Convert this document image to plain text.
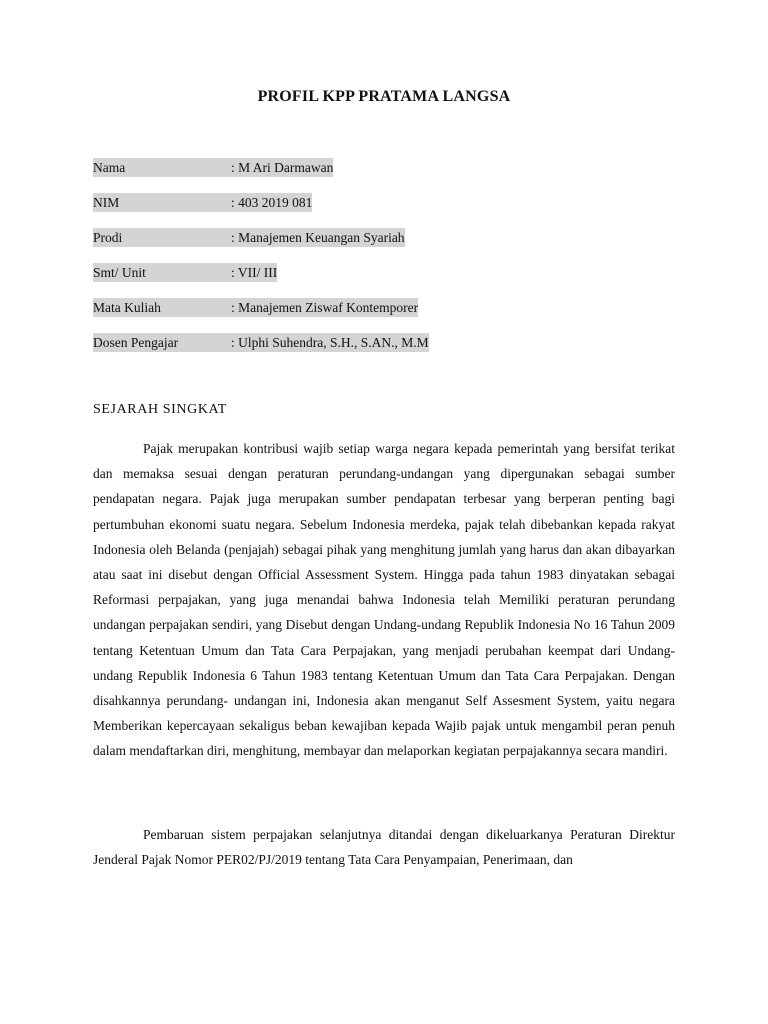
PROFIL KPP PRATAMA LANGSA
Nama	: M Ari Darmawan
NIM	: 403 2019 081
Prodi	: Manajemen Keuangan Syariah
Smt/ Unit	: VII/ III
Mata Kuliah	: Manajemen Ziswaf Kontemporer
Dosen Pengajar	: Ulphi Suhendra, S.H., S.AN., M.M
SEJARAH SINGKAT

Pajak merupakan kontribusi wajib setiap warga negara kepada pemerintah yang bersifat terikat dan memaksa sesuai dengan peraturan perundang-undangan yang dipergunakan sebagai sumber pendapatan negara. Pajak juga merupakan sumber pendapatan terbesar yang berperan penting bagi pertumbuhan ekonomi suatu negara. Sebelum Indonesia merdeka, pajak telah dibebankan kepada rakyat Indonesia oleh Belanda (penjajah) sebagai pihak yang menghitung jumlah yang harus dan akan dibayarkan atau saat ini disebut dengan Official Assessment System. Hingga pada tahun 1983 dinyatakan sebagai Reformasi perpajakan, yang juga menandai bahwa Indonesia telah Memiliki peraturan perundang undangan perpajakan sendiri, yang Disebut dengan Undang-undang Republik Indonesia No 16 Tahun 2009 tentang Ketentuan Umum dan Tata Cara Perpajakan, yang menjadi perubahan keempat dari Undang-undang Republik Indonesia 6 Tahun 1983 tentang Ketentuan Umum dan Tata Cara Perpajakan. Dengan disahkannya perundang- undangan ini, Indonesia akan menganut Self Assesment System, yaitu negara Memberikan kepercayaan sekaligus beban kewajiban kepada Wajib pajak untuk mengambil peran penuh dalam mendaftarkan diri, menghitung, membayar dan melaporkan kegiatan perpajakannya secara mandiri.

Pembaruan sistem perpajakan selanjutnya ditandai dengan dikeluarkanya Peraturan Direktur Jenderal Pajak Nomor PER02/PJ/2019 tentang Tata Cara Penyampaian, Penerimaan, dan
